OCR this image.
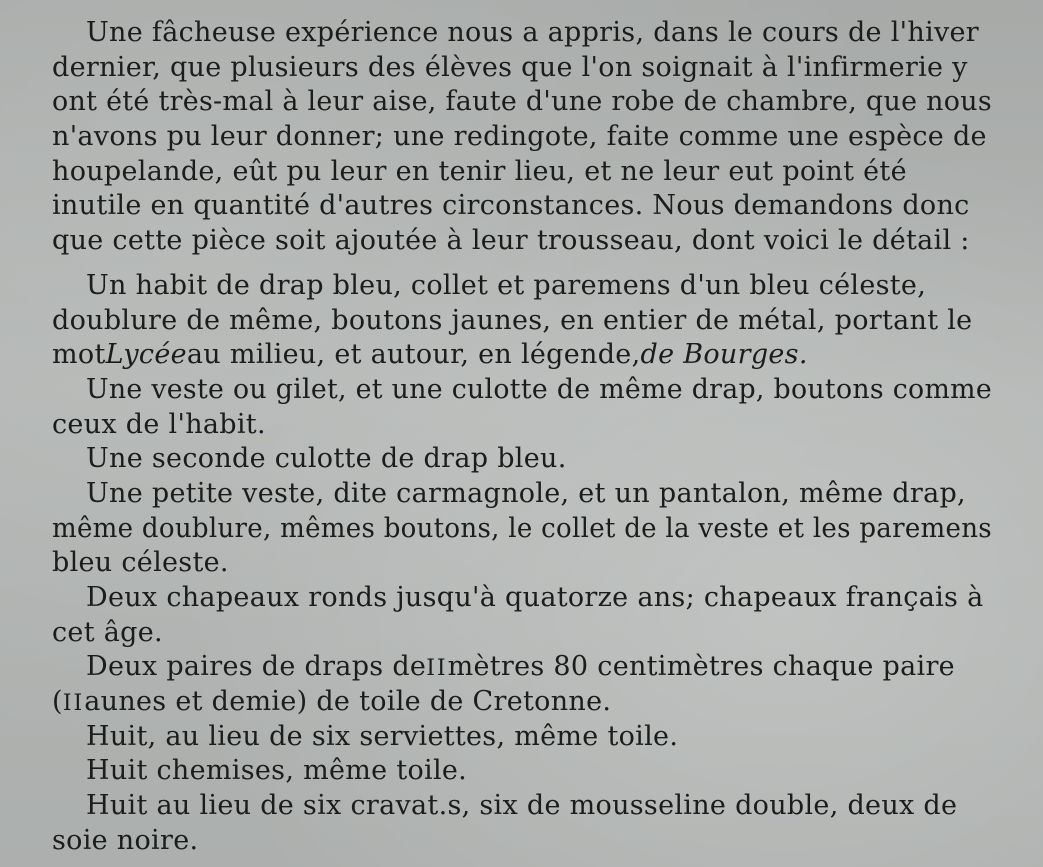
Une fâcheuse expérience nous a appris, dans le cours de l'hiver
dernier, que plusieurs des élèves que l'on soignait à l'infirmerie y
ont été très-mal à leur aise, faute d'une robe de chambre, que nous
n'avons pu leur donner; une redingote, faite comme une espèce de
houpelande, eût pu leur en tenir lieu, et ne leur eut point été
inutile en quantité d'autres circonstances. Nous demandons donc
que cette pièce soit ajoutée à leur trousseau, dont voici le détail :
Un habit de drap bleu, collet et paremens d'un bleu céleste,
doublure de même, boutons jaunes, en entier de métal, portant le
motLycéeau milieu, et autour, en légende,de Bourges.
Une veste ou gilet, et une culotte de même drap, boutons comme
ceux de l'habit.
Une seconde culotte de drap bleu.
Une petite veste, dite carmagnole, et un pantalon, même drap,
même doublure, mêmes boutons, le collet de la veste et les paremens
bleu céleste.
Deux chapeaux ronds jusqu'à quatorze ans; chapeaux français à
cet âge.
Deux paires de draps deIImètres 80 centimètres chaque paire
(IIaunes et demie) de toile de Cretonne.
Huit, au lieu de six serviettes, même toile.
Huit chemises, même toile.
Huit au lieu de six cravat.s, six de mousseline double, deux de
soie noire.
